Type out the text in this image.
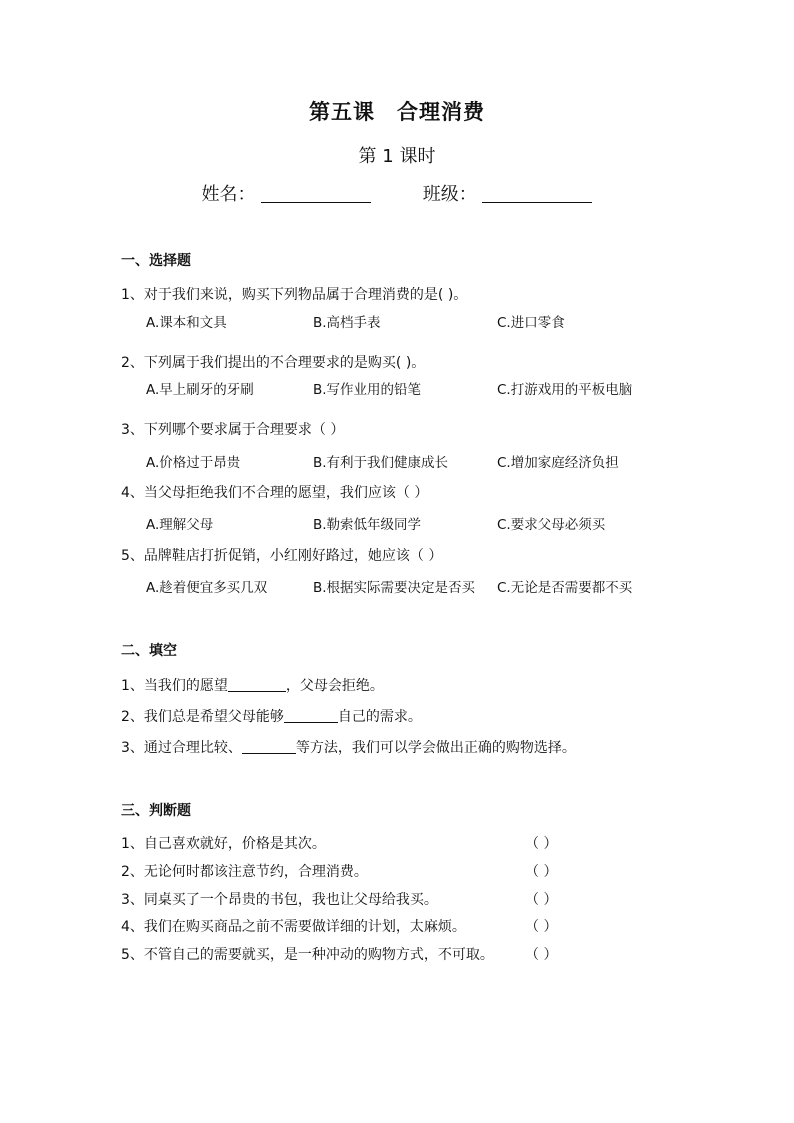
第五课 合理消费
第 1 课时
姓名：	班级：
一、选择题
1、对于我们来说，购买下列物品属于合理消费的是( )。
A.课本和文具	B.高档手表	C.进口零食
2、下列属于我们提出的不合理要求的是购买( )。
A.早上刷牙的牙刷	B.写作业用的铅笔	C.打游戏用的平板电脑
3、下列哪个要求属于合理要求（ ）
A.价格过于昂贵	B.有利于我们健康成长	C.增加家庭经济负担
4、当父母拒绝我们不合理的愿望，我们应该（ ）
A.理解父母	B.勒索低年级同学	C.要求父母必须买
5、品牌鞋店打折促销，小红刚好路过，她应该（ ）
A.趁着便宜多买几双	B.根据实际需要决定是否买 C.无论是否需要都不买
二、填空
1、当我们的愿望	，父母会拒绝。
2、我们总是希望父母能够	自己的需求。
3、通过合理比较、	等方法，我们可以学会做出正确的购物选择。
三、判断题
1、自己喜欢就好，价格是其次。	（ ）
2、无论何时都该注意节约，合理消费。	（ ）
3、同桌买了一个昂贵的书包，我也让父母给我买。	（ ）
4、我们在购买商品之前不需要做详细的计划，太麻烦。	（ ）
5、不管自己的需要就买，是一种冲动的购物方式，不可取。 （ ）
